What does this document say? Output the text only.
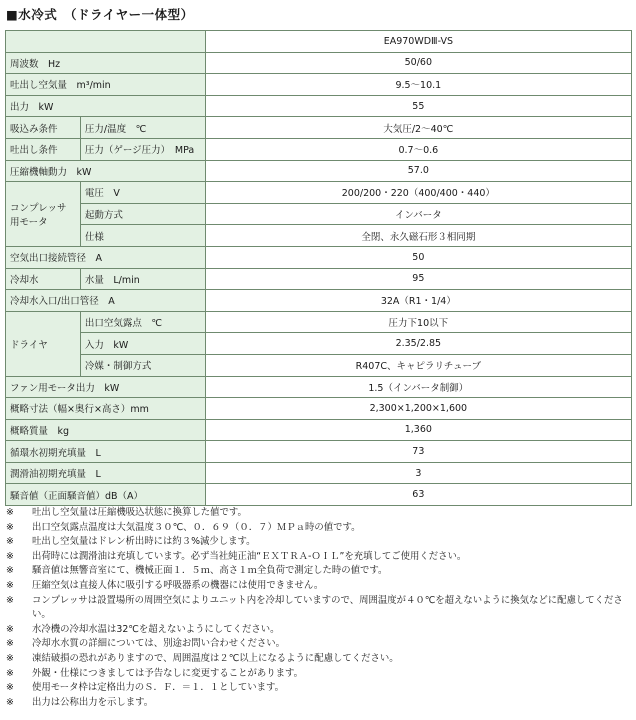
■水冷式　（ドライヤー一体型）
		EA970WDⅢ-VS
周波数　Hz		50/60
吐出し空気量　m³/min		9.5～10.1
出力　kW		55
吸込み条件	圧力/温度　℃	大気圧/2～40℃
吐出し条件	圧力（ゲージ圧力）　MPa	0.7～0.6
圧縮機軸動力　kW		57.0
コンプレッサ用モータ	電圧　V	200/200・220（400/400・440）
	起動方式	インバータ
	仕様	全閉、永久磁石形３相同期
空気出口接続管径　A		50
冷却水	水量　L/min	95
冷却水入口/出口管径　A		32A（R1・1/4）
ドライヤ	出口空気露点　℃	圧力下10以下
	入力　kW	2.35/2.85
	冷媒・制御方式	R407C、キャピラリチューブ
ファン用モータ出力　kW		1.5（インバータ制御）
概略寸法（幅×奥行×高さ）mm		2,300×1,200×1,600
概略質量　kg		1,360
循環水初期充填量　L		73
潤滑油初期充填量　L		3
騒音値（正面騒音値）dB（A）		63
※	吐出し空気量は圧縮機吸込状態に換算した値です。
※	出口空気露点温度は大気温度３０℃、０．６９（０．７）ＭＰａ時の値です。
※	吐出し空気量はドレン析出時には約３%減少します。
※	出荷時には潤滑油は充填しています。必ず当社純正油“ＥＸＴＲＡ-ＯＩＬ”を充填してご使用ください。
※	騒音値は無響音室にて、機械正面１．５ｍ、高さ１ｍ全負荷で測定した時の値です。
※	圧縮空気は直接人体に吸引する呼吸器系の機器には使用できません。
※	コンプレッサは設置場所の周囲空気によりユニット内を冷却していますので、周囲温度が４０℃を超えないように換気などに配慮してください。
※	水冷機の冷却水温は32℃を超えないようにしてください。
※	冷却水水質の詳細については、別途お問い合わせください。
※	凍結破損の恐れがありますので、周囲温度は２℃以上になるように配慮してください。
※	外観・仕様につきましては予告なしに変更することがあります。
※	使用モータ枠は定格出力のＳ．Ｆ．＝１．１としています。
※	出力は公称出力を示します。
